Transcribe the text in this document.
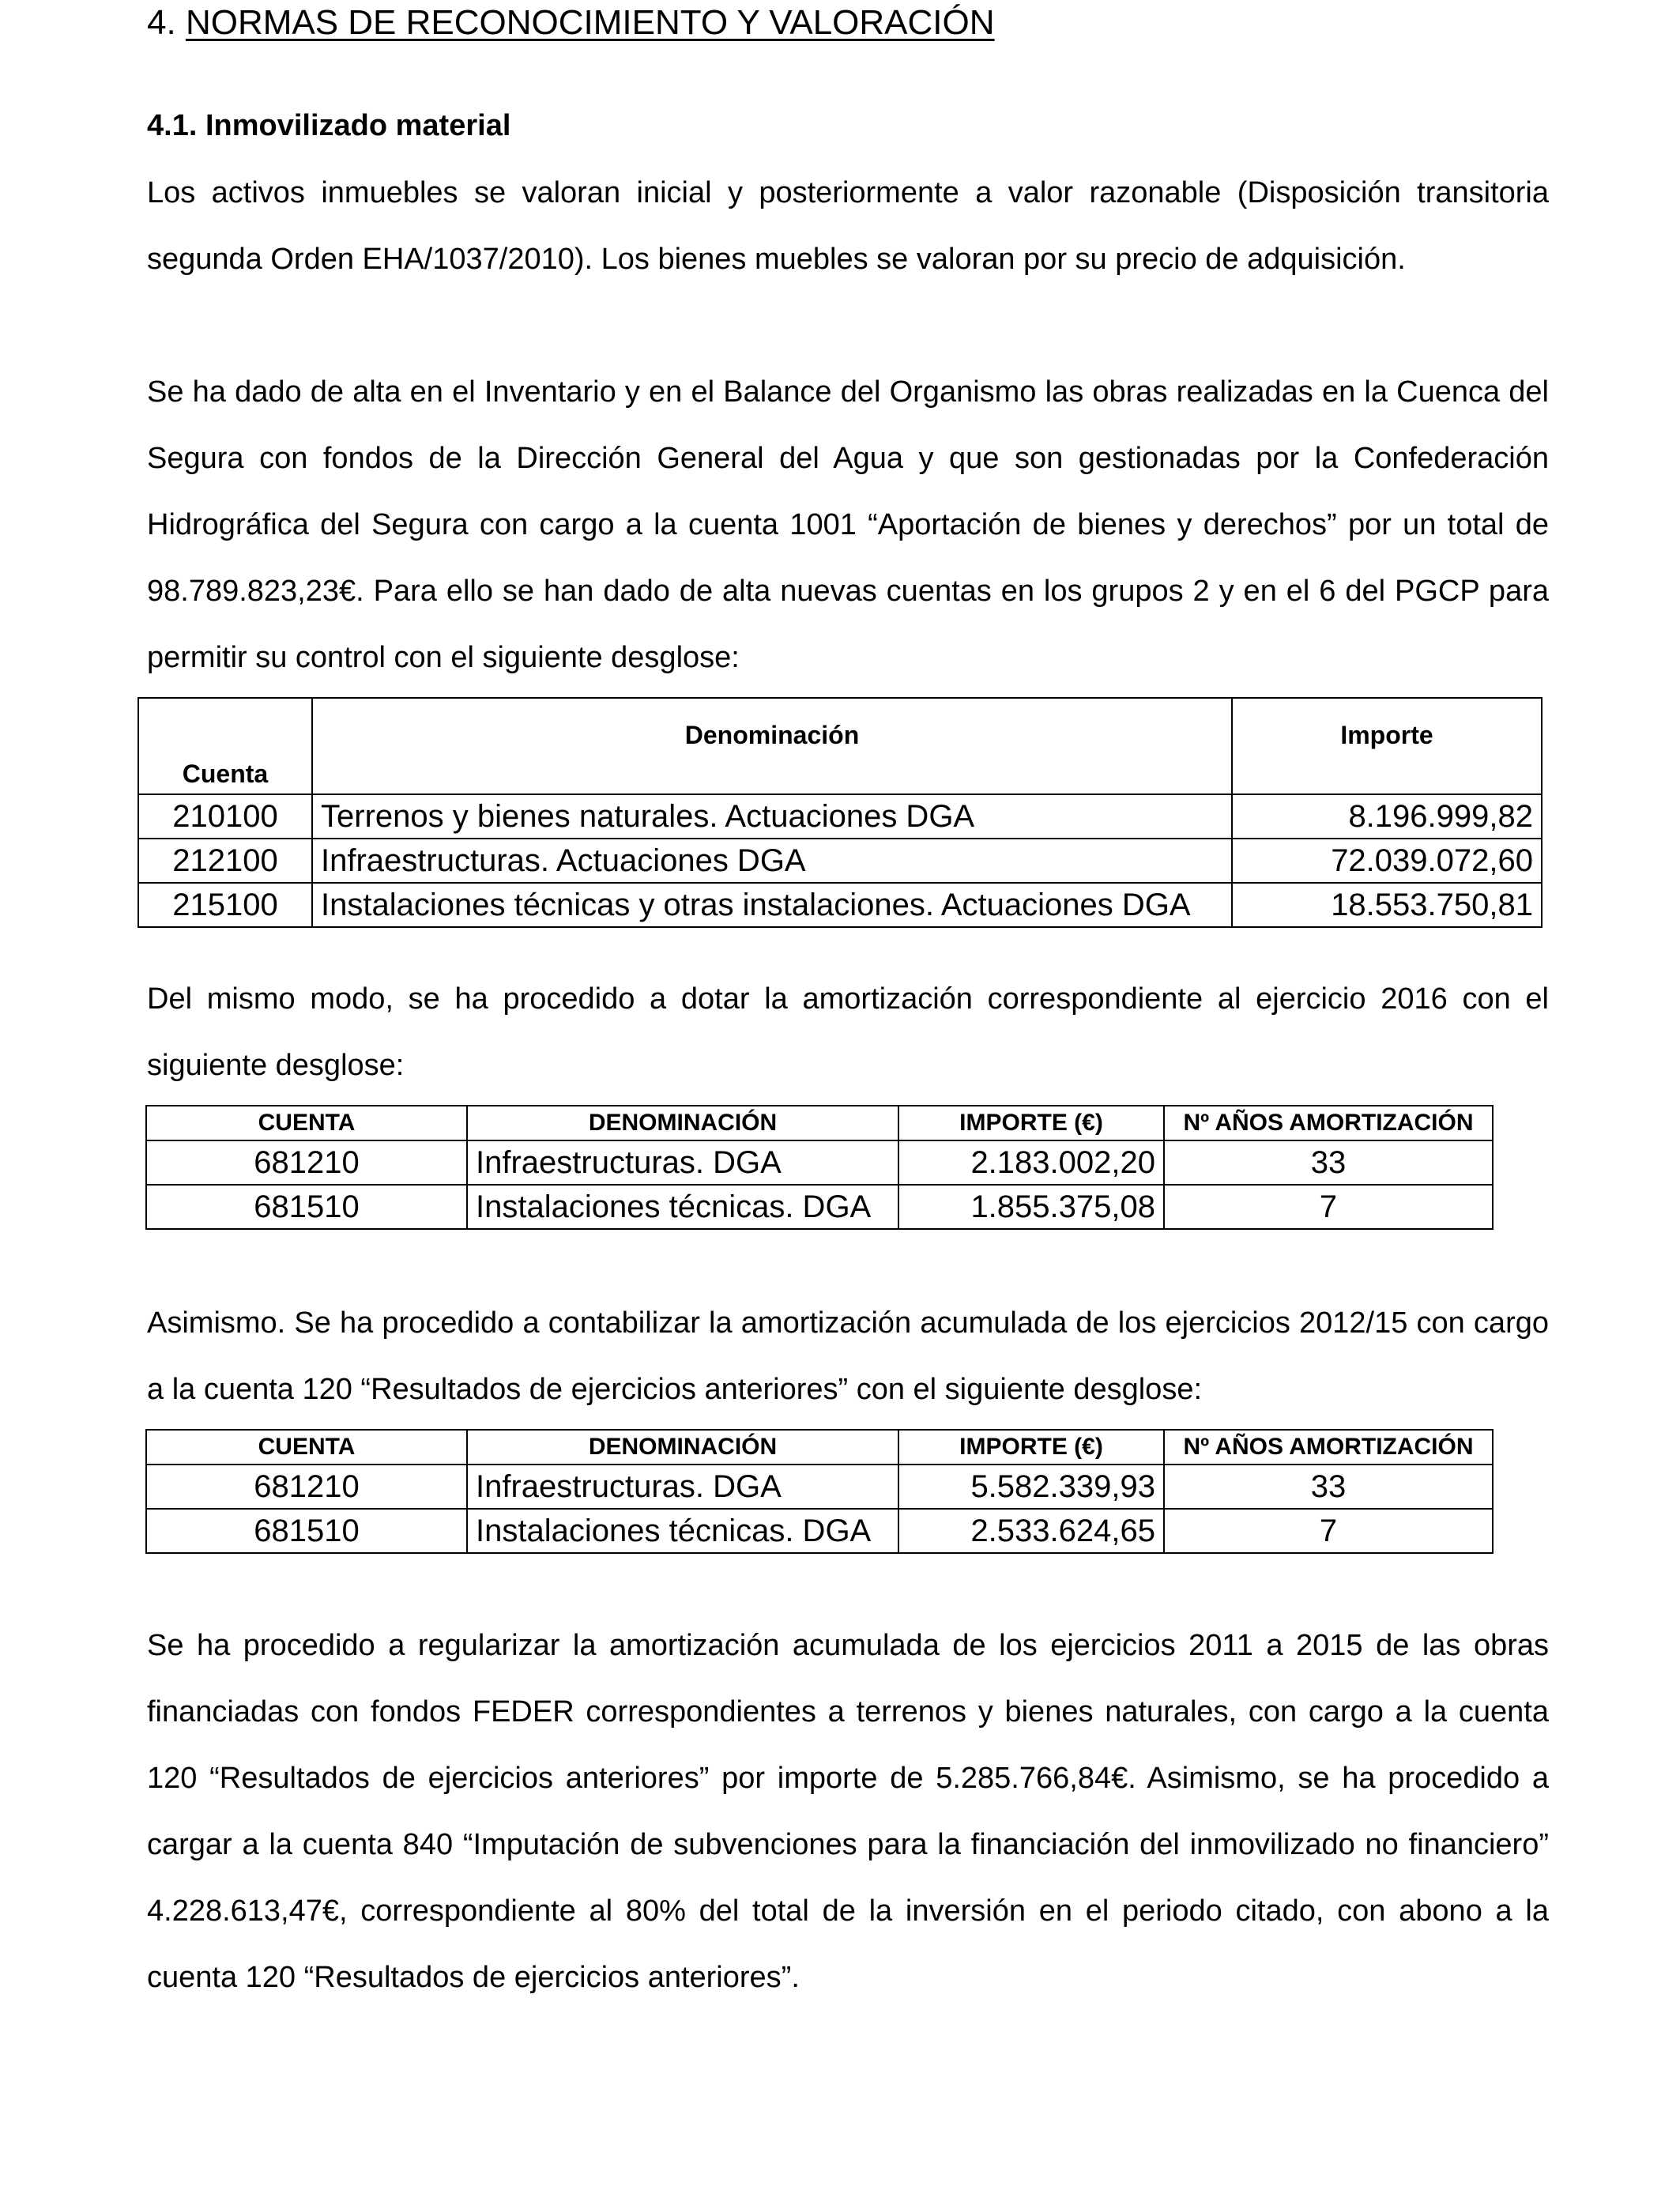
4. NORMAS DE RECONOCIMIENTO Y VALORACIÓN
4.1. Inmovilizado material

Los activos inmuebles se valoran inicial y posteriormente a valor razonable (Disposición transitoria segunda Orden EHA/1037/2010). Los bienes muebles se valoran por su precio de adquisición.

Se ha dado de alta en el Inventario y en el Balance del Organismo las obras realizadas en la Cuenca del Segura con fondos de la Dirección General del Agua y que son gestionadas por la Confederación Hidrográfica del Segura con cargo a la cuenta 1001 “Aportación de bienes y derechos” por un total de 98.789.823,23€. Para ello se han dado de alta nuevas cuentas en los grupos 2 y en el 6 del PGCP para permitir su control con el siguiente desglose:

Cuenta	Denominación	Importe
210100	Terrenos y bienes naturales. Actuaciones DGA	8.196.999,82
212100	Infraestructuras. Actuaciones DGA	72.039.072,60
215100	Instalaciones técnicas y otras instalaciones. Actuaciones DGA	18.553.750,81

Del mismo modo, se ha procedido a dotar la amortización correspondiente al ejercicio 2016 con el siguiente desglose:

CUENTA	DENOMINACIÓN	IMPORTE (€)	Nº AÑOS AMORTIZACIÓN
681210	Infraestructuras. DGA	2.183.002,20	33
681510	Instalaciones técnicas. DGA	1.855.375,08	7

Asimismo. Se ha procedido a contabilizar la amortización acumulada de los ejercicios 2012/15 con cargo a la cuenta 120 “Resultados de ejercicios anteriores” con el siguiente desglose:

CUENTA	DENOMINACIÓN	IMPORTE (€)	Nº AÑOS AMORTIZACIÓN
681210	Infraestructuras. DGA	5.582.339,93	33
681510	Instalaciones técnicas. DGA	2.533.624,65	7

Se ha procedido a regularizar la amortización acumulada de los ejercicios 2011 a 2015 de las obras financiadas con fondos FEDER correspondientes a terrenos y bienes naturales, con cargo a la cuenta 120 “Resultados de ejercicios anteriores” por importe de 5.285.766,84€. Asimismo, se ha procedido a cargar a la cuenta 840 “Imputación de subvenciones para la financiación del inmovilizado no financiero” 4.228.613,47€, correspondiente al 80% del total de la inversión en el periodo citado, con abono a la cuenta 120 “Resultados de ejercicios anteriores”.
